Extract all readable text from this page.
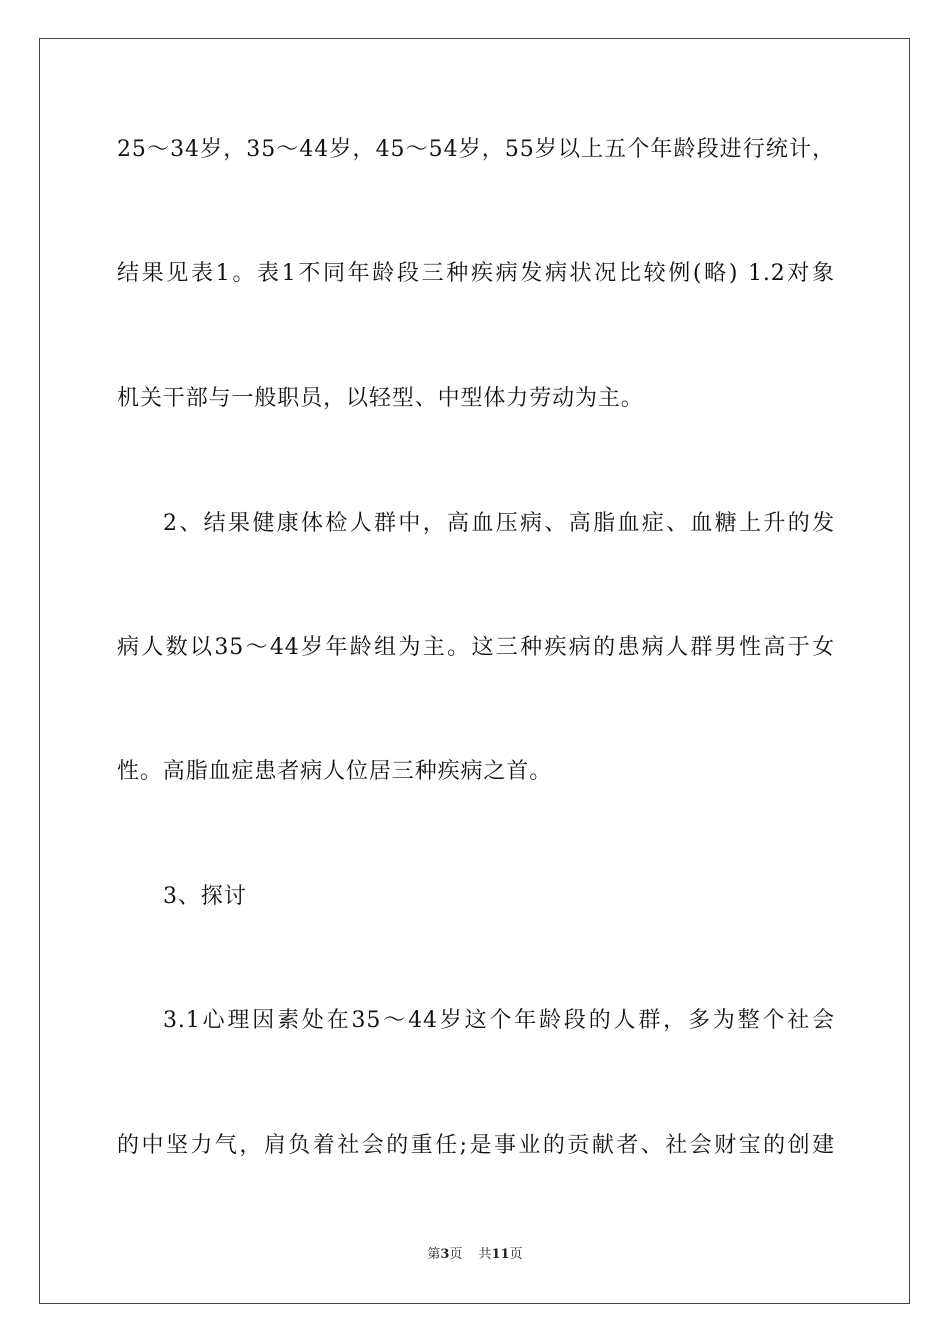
25～34岁，35～44岁，45～54岁，55岁以上五个年龄段进行统计，
结果见表1。表1不同年龄段三种疾病发病状况比较例(略) 1.2对象
机关干部与一般职员，以轻型、中型体力劳动为主。
2、结果健康体检人群中，高血压病、高脂血症、血糖上升的发
病人数以35～44岁年龄组为主。这三种疾病的患病人群男性高于女
性。高脂血症患者病人位居三种疾病之首。
3、探讨
3.1心理因素处在35～44岁这个年龄段的人群，多为整个社会
的中坚力气，肩负着社会的重任;是事业的贡献者、社会财宝的创建
第3页 共11页
